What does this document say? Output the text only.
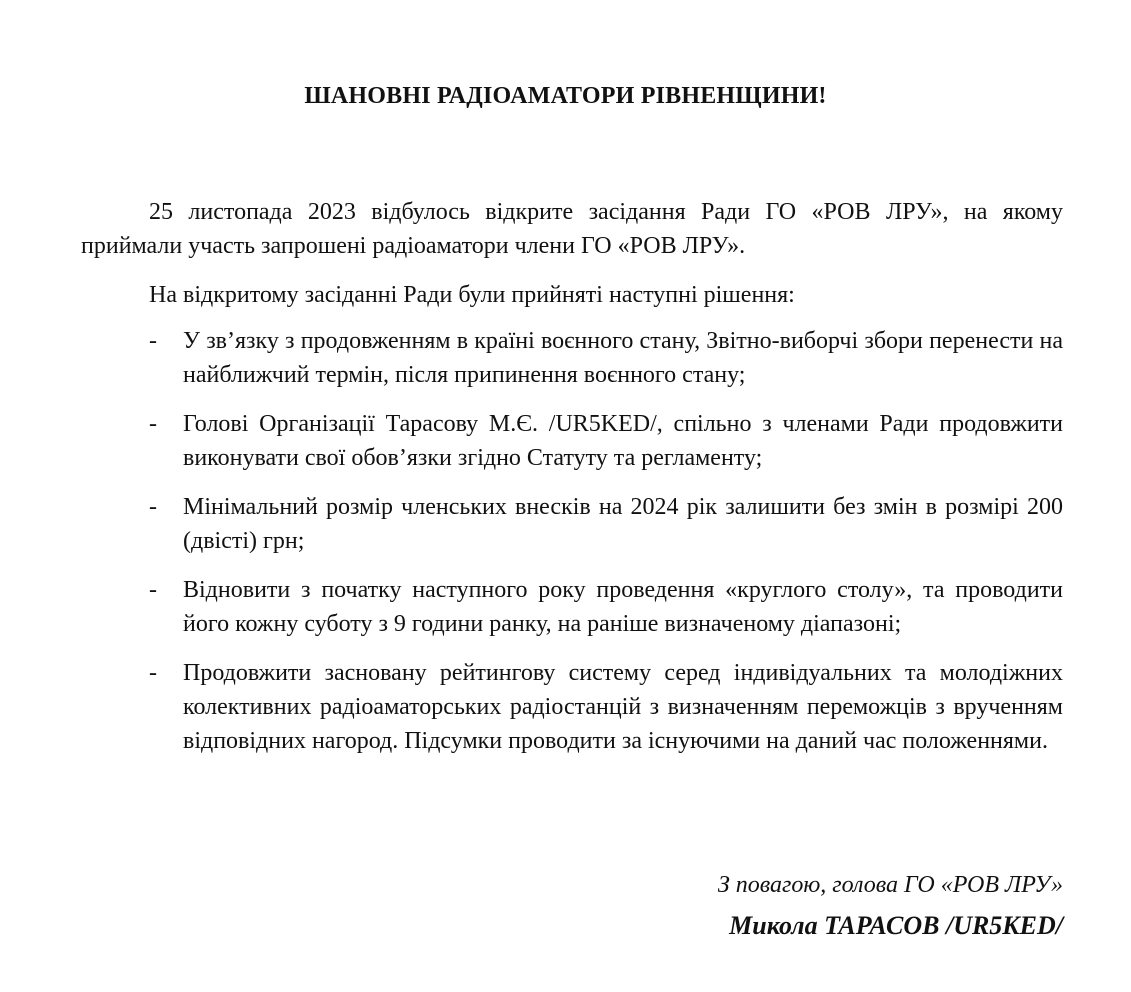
ШАНОВНІ РАДІОАМАТОРИ РІВНЕНЩИНИ!

25 листопада 2023 відбулось відкрите засідання Ради ГО «РОВ ЛРУ», на якому приймали участь запрошені радіоаматори члени ГО «РОВ ЛРУ».

На відкритому засіданні Ради були прийняті наступні рішення:

- У зв’язку з продовженням в країні воєнного стану, Звітно-виборчі збори перенести на найближчий термін, після припинення воєнного стану;
- Голові Організації Тарасову М.Є. /UR5KED/, спільно з членами Ради продовжити виконувати свої обов’язки згідно Статуту та регламенту;
- Мінімальний розмір членських внесків на 2024 рік залишити без змін в розмірі 200 (двісті) грн;
- Відновити з початку наступного року проведення «круглого столу», та проводити його кожну суботу з 9 години ранку, на раніше визначеному діапазоні;
- Продовжити засновану рейтингову систему серед індивідуальних та молодіжних колективних радіоаматорських радіостанцій з визначенням переможців з врученням відповідних нагород. Підсумки проводити за існуючими на даний час положеннями.
З повагою, голова ГО «РОВ ЛРУ»
Микола ТАРАСОВ /UR5KED/
